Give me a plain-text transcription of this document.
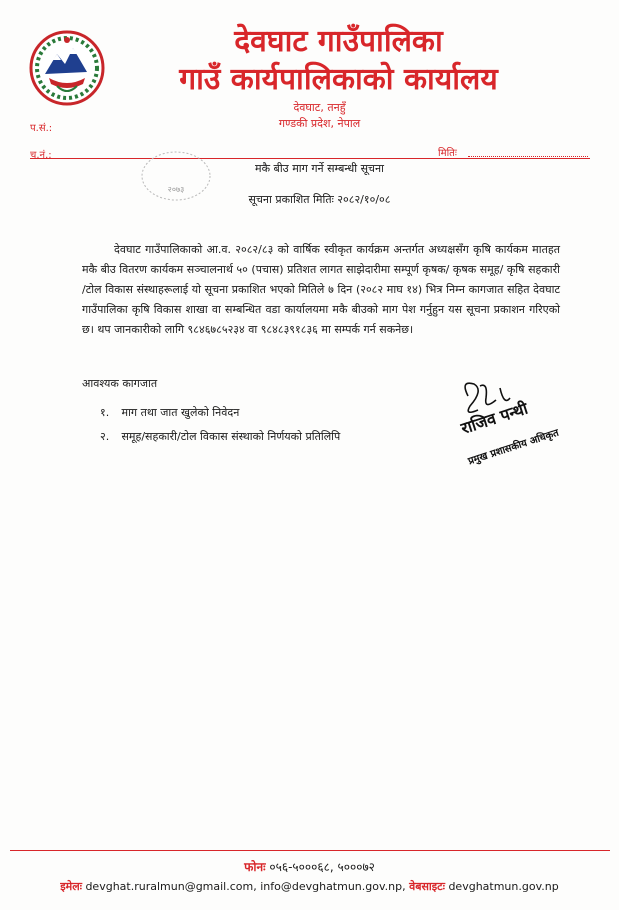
देवघाट गाउँपालिका
गाउँ कार्यपालिकाको कार्यालय
देवघाट, तनहुँ
गण्डकी प्रदेश, नेपाल
प.सं.:
च.नं.:	मितिः
२०७३
मकै बीउ माग गर्ने सम्बन्धी सूचना
सूचना प्रकाशित मितिः २०८२/१०/०८
देवघाट गाउँपालिकाको आ.व. २०८२/८३ को वार्षिक स्वीकृत कार्यक्रम अन्तर्गत अध्यक्षसँग कृषि कार्यकम मातहत मकै बीउ वितरण कार्यकम सञ्चालनार्थ ५० (पचास) प्रतिशत लागत साझेदारीमा सम्पूर्ण कृषक/ कृषक समूह/ कृषि सहकारी /टोल विकास संस्थाहरूलाई यो सूचना प्रकाशित भएको मितिले ७ दिन (२०८२ माघ १४) भित्र निम्न कागजात सहित देवघाट गाउँपालिका कृषि विकास शाखा वा सम्बन्धित वडा कार्यालयमा मकै बीउको माग पेश गर्नुहुन यस सूचना प्रकाशन गरिएको छ। थप जानकारीको लागि ९८४६७८५२३४ वा ९८४८३९१८३६ मा सम्पर्क गर्न सकनेछ।
आवश्यक कागजात
१. माग तथा जात खुलेको निवेदन
२. समूह/सहकारी/टोल विकास संस्थाको निर्णयको प्रतिलिपि	राजिव पन्थी
प्रमुख प्रशासकीय अधिकृत
फोनः ०५६-५०००६८, ५०००७२
इमेलः devghat.ruralmun@gmail.com, info@devghatmun.gov.np, वेबसाइटः devghatmun.gov.np
